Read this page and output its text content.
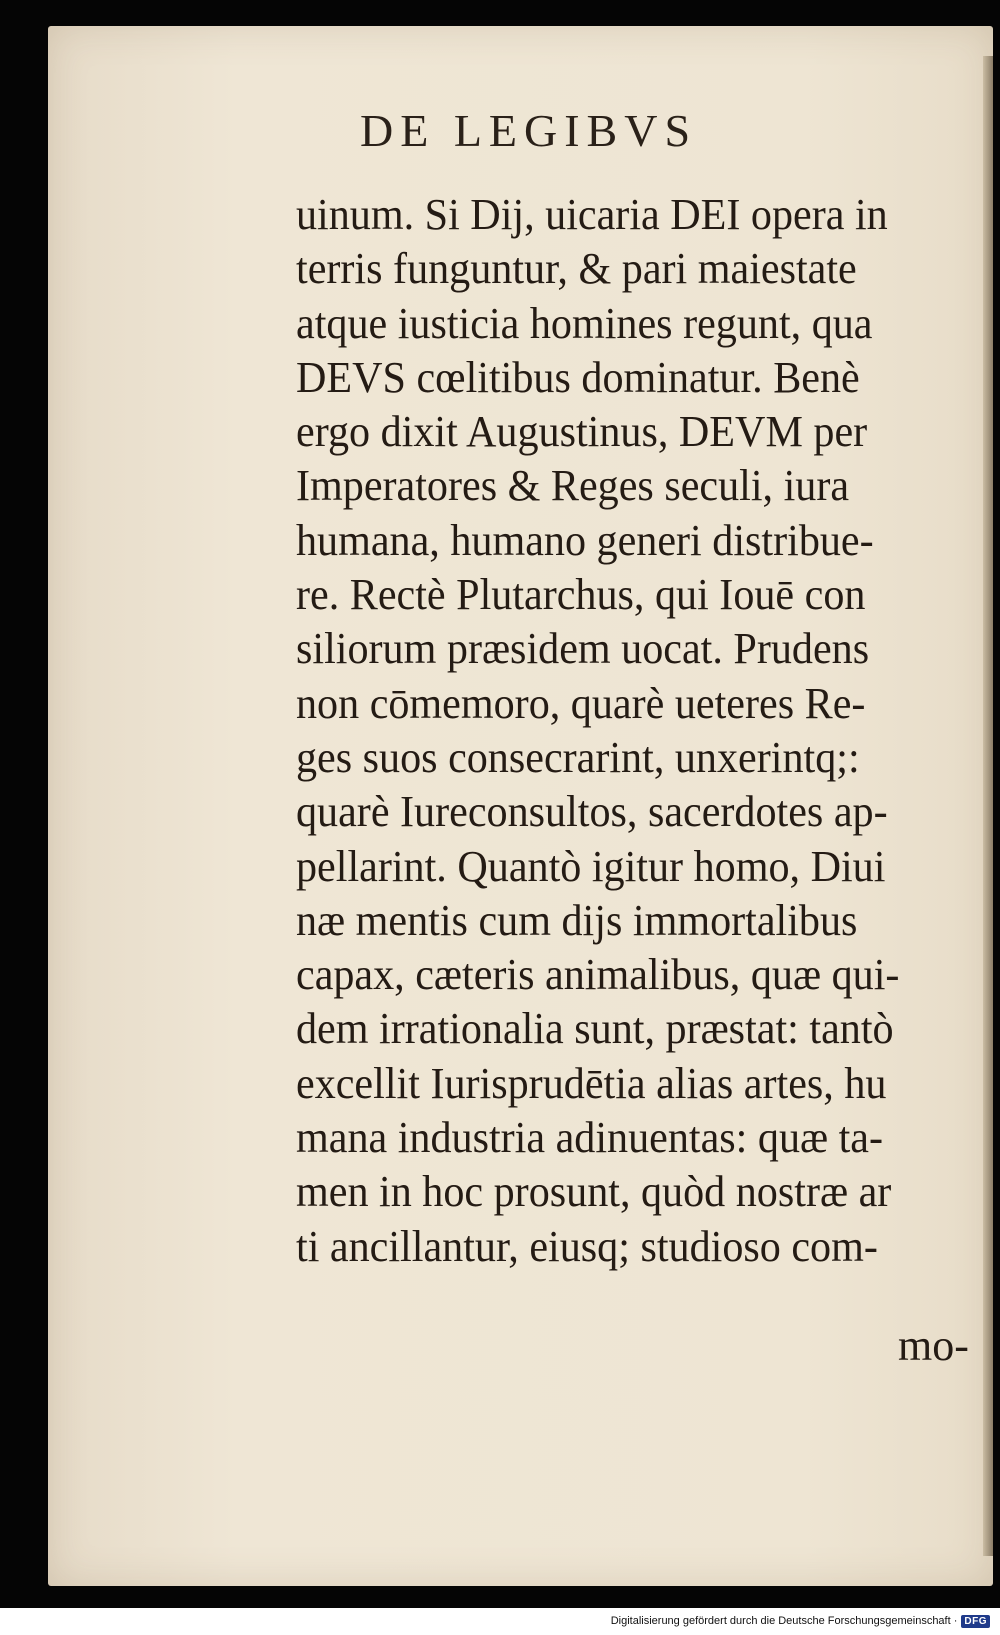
DE LEGIBVS
uinum. Si Dij, uicaria DEI opera in
terris funguntur, & pari maiestate
atque iusticia homines regunt, qua
DEVS cœlitibus dominatur. Benè
ergo dixit Augustinus, DEVM per
Imperatores & Reges seculi, iura
humana, humano generi distribue-
re. Rectè Plutarchus, qui Iouē con
siliorum præsidem uocat. Prudens
non cōmemoro, quarè ueteres Re-
ges suos consecrarint, unxerintq;:
quarè Iureconsultos, sacerdotes ap-
pellarint. Quantò igitur homo, Diui
næ mentis cum dijs immortalibus
capax, cæteris animalibus, quæ qui-
dem irrationalia sunt, præstat: tantò
excellit Iurisprudētia alias artes, hu
mana industria adinuentas: quæ ta-
men in hoc prosunt, quòd nostræ ar
ti ancillantur, eiusq; studioso com-
mo-
Digitalisierung gefördert durch die Deutsche Forschungsgemeinschaft · DFG
